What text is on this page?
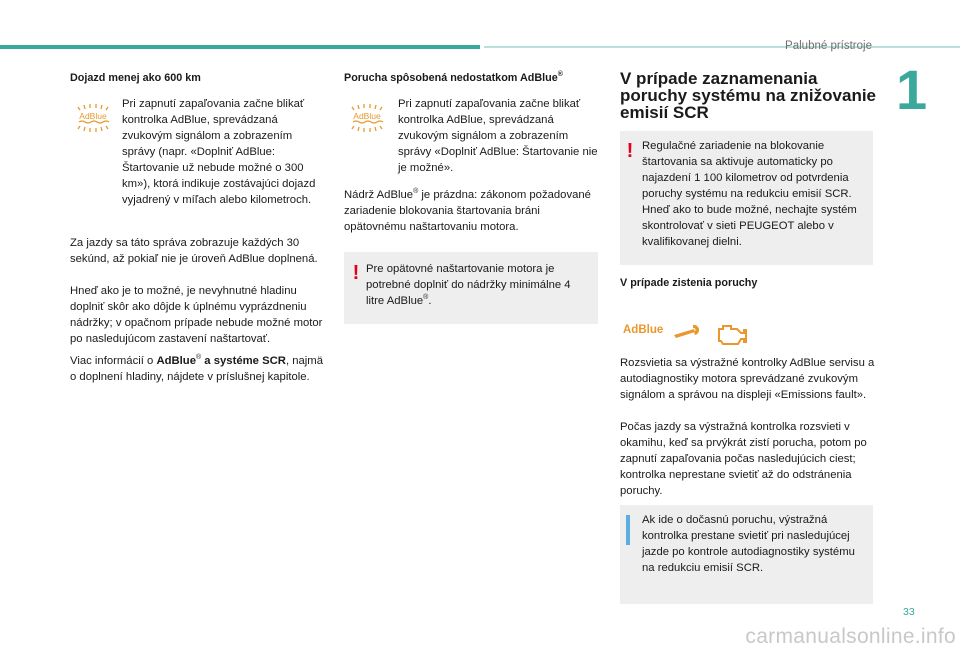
Palubné prístroje
1
Dojazd menej ako 600 km
AdBlue
Pri zapnutí zapaľovania začne blikať kontrolka AdBlue, sprevádzaná zvukovým signálom a zobrazením správy (napr. «Doplniť AdBlue: Štartovanie už nebude možné o 300 km»), ktorá indikuje zostávajúci dojazd vyjadrený v míľach alebo kilometroch.
Za jazdy sa táto správa zobrazuje každých 30 sekúnd, až pokiaľ nie je úroveň AdBlue doplnená.
Hneď ako je to možné, je nevyhnutné hladinu doplniť skôr ako dôjde k úplnému vyprázdneniu nádržky; v opačnom prípade nebude možné motor po nasledujúcom zastavení naštartovať.
Viac informácií o AdBlue® a systéme SCR, najmä o doplnení hladiny, nájdete v príslušnej kapitole.
Porucha spôsobená nedostatkom AdBlue®
AdBlue
Pri zapnutí zapaľovania začne blikať kontrolka AdBlue, sprevádzaná zvukovým signálom a zobrazením správy «Doplniť AdBlue: Štartovanie nie je možné».
Nádrž AdBlue® je prázdna: zákonom požadované zariadenie blokovania štartovania bráni opätovnému naštartovaniu motora.
! Pre opätovné naštartovanie motora je potrebné doplniť do nádržky minimálne 4 litre AdBlue®.
V prípade zaznamenania poruchy systému na znižovanie emisií SCR
! Regulačné zariadenie na blokovanie štartovania sa aktivuje automaticky po najazdení 1 100 kilometrov od potvrdenia poruchy systému na redukciu emisií SCR. Hneď ako to bude možné, nechajte systém skontrolovať v sieti PEUGEOT alebo v kvalifikovanej dielni.
V prípade zistenia poruchy
AdBlue
Rozsvietia sa výstražné kontrolky AdBlue servisu a autodiagnostiky motora sprevádzané zvukovým signálom a správou na displeji «Emissions fault».
Počas jazdy sa výstražná kontrolka rozsvieti v okamihu, keď sa prvýkrát zistí porucha, potom po zapnutí zapaľovania počas nasledujúcich ciest; kontrolka neprestane svietiť až do odstránenia poruchy.
Ak ide o dočasnú poruchu, výstražná kontrolka prestane svietiť pri nasledujúcej jazde po kontrole autodiagnostiky systému na redukciu emisií SCR.
33
carmanualsonline.info
